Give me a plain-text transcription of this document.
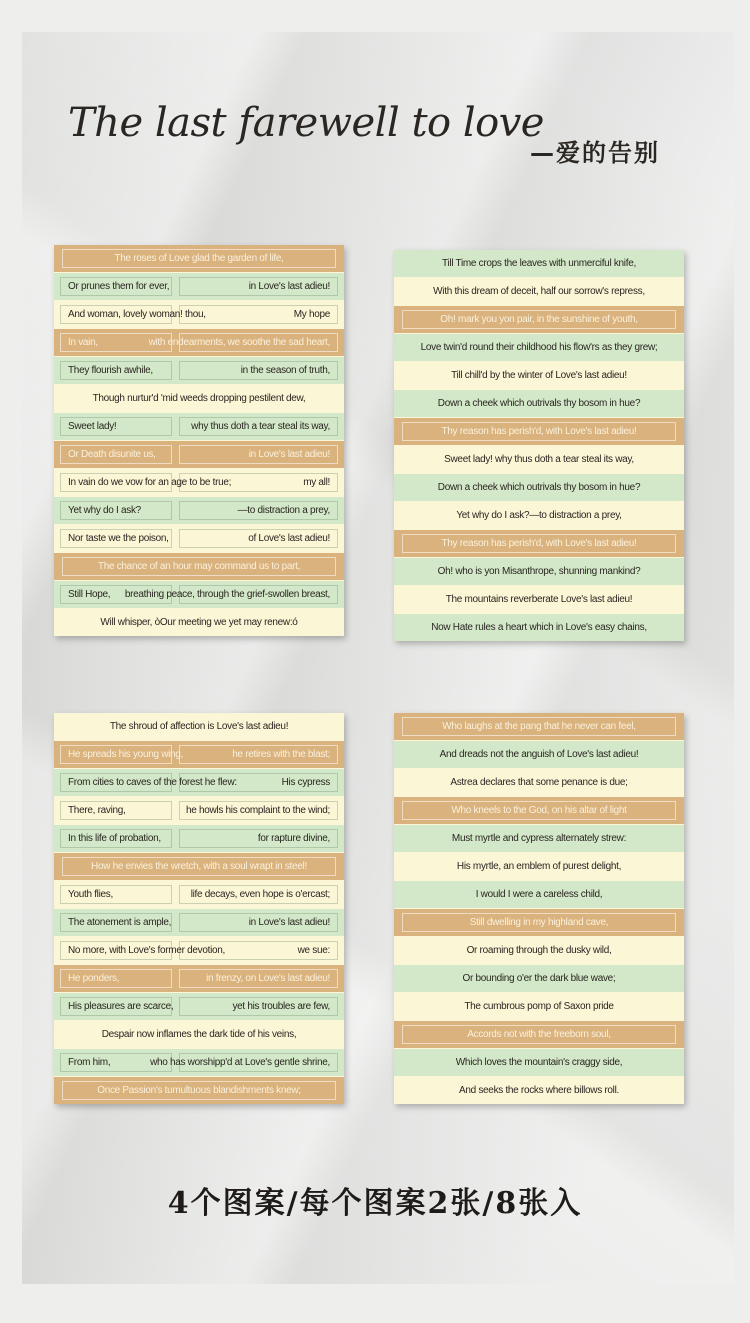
The last farewell to love
—爱的告别
The roses of Love glad the garden of life,
Or prunes them for ever,	in Love's last adieu!
And woman, lovely woman! thou,	My hope
In vain,	with endearments, we soothe the sad heart,
They flourish awhile,	in the season of truth,
Though nurtur'd 'mid weeds dropping pestilent dew,
Sweet lady!	why thus doth a tear steal its way,
Or Death disunite us,	in Love's last adieu!
In vain do we vow for an age to be true;	my all!
Yet why do I ask?	—to distraction a prey,
Nor taste we the poison,	of Love's last adieu!
The chance of an hour may command us to part,
Still Hope, breathing peace, through the grief-swollen breast,
Will whisper, òOur meeting we yet may renew:ó
Till Time crops the leaves with unmerciful knife,
With this dream of deceit, half our sorrow's repress,
Oh! mark you yon pair, in the sunshine of youth,
Love twin'd round their childhood his flow'rs as they grew;
Till chill'd by the winter of Love's last adieu!
Down a cheek which outrivals thy bosom in hue?
Thy reason has perish'd, with Love's last adieu!
Sweet lady! why thus doth a tear steal its way,
Down a cheek which outrivals thy bosom in hue?
Yet why do I ask?—to distraction a prey,
Thy reason has perish'd, with Love's last adieu!
Oh! who is yon Misanthrope, shunning mankind?
The mountains reverberate Love's last adieu!
Now Hate rules a heart which in Love's easy chains,
The shroud of affection is Love's last adieu!
He spreads his young wing,	he retires with the blast;
From cities to caves of the forest he flew:	His cypress
There, raving,	he howls his complaint to the wind;
In this life of probation,	for rapture divine,
How he envies the wretch, with a soul wrapt in steel!
Youth flies,	life decays, even hope is o'ercast;
The atonement is ample,	in Love's last adieu!
No more, with Love's former devotion,	we sue:
He ponders,	in frenzy, on Love's last adieu!
His pleasures are scarce,	yet his troubles are few,
Despair now inflames the dark tide of his veins,
From him,	who has worshipp'd at Love's gentle shrine,
Once Passion's tumultuous blandishments knew;
Who laughs at the pang that he never can feel,
And dreads not the anguish of Love's last adieu!
Astrea declares that some penance is due;
Who kneels to the God, on his altar of light
Must myrtle and cypress alternately strew:
His myrtle, an emblem of purest delight,
I would I were a careless child,
Still dwelling in my highland cave,
Or roaming through the dusky wild,
Or bounding o'er the dark blue wave;
The cumbrous pomp of Saxon pride
Accords not with the freeborn soul,
Which loves the mountain's craggy side,
And seeks the rocks where billows roll.
4个图案/每个图案2张/8张入
